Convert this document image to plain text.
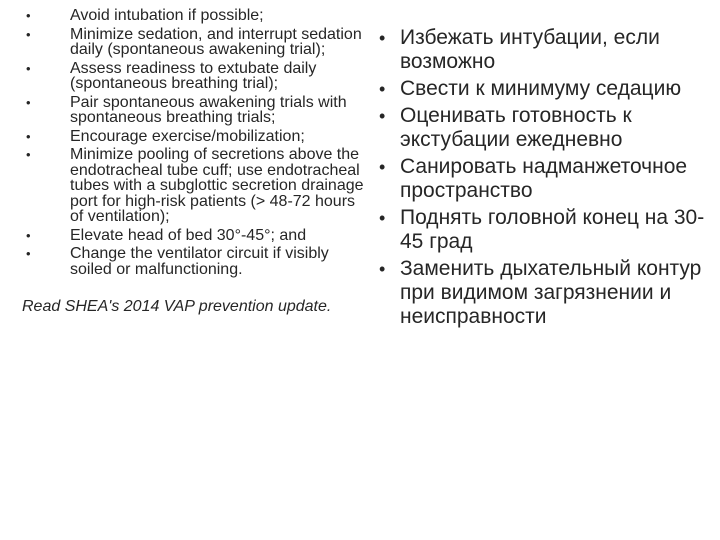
• Avoid intubation if possible;
• Minimize sedation, and interrupt sedation daily (spontaneous awakening trial);
• Assess readiness to extubate daily (spontaneous breathing trial);
• Pair spontaneous awakening trials with spontaneous breathing trials;
• Encourage exercise/mobilization;
• Minimize pooling of secretions above the endotracheal tube cuff; use endotracheal tubes with a subglottic secretion drainage port for high-risk patients (> 48-72 hours of ventilation);
• Elevate head of bed 30°-45°; and
• Change the ventilator circuit if visibly soiled or malfunctioning.
Read SHEA's 2014 VAP prevention update.
• Избежать интубации, если возможно
• Свести к минимуму седацию
• Оценивать готовность к экстубации ежедневно
• Санировать надманжеточное пространство
• Поднять головной конец на 30-45 град
• Заменить дыхательный контур при видимом загрязнении и неисправности
